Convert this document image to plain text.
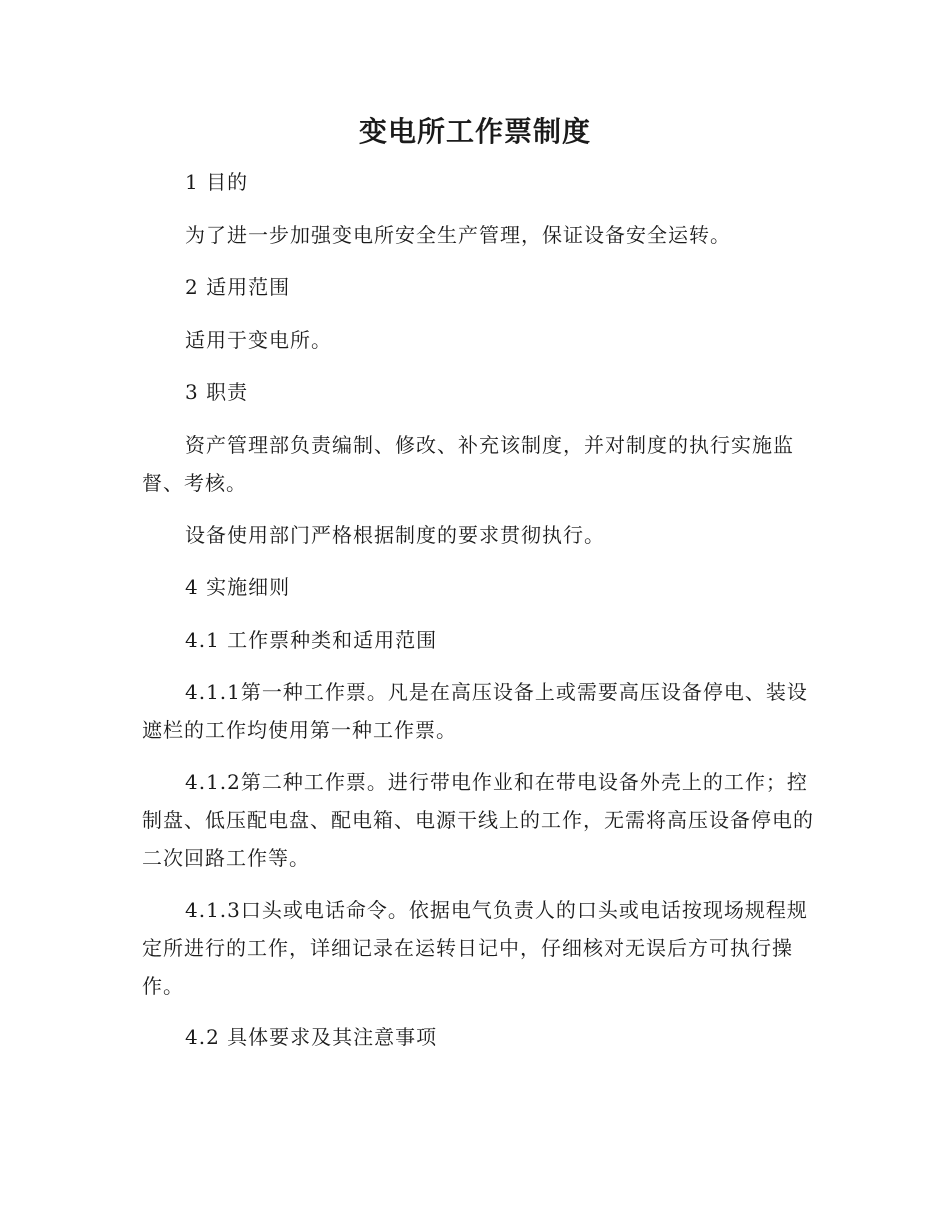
变电所工作票制度

1 目的

为了进一步加强变电所安全生产管理，保证设备安全运转。

2 适用范围

适用于变电所。

3 职责

资产管理部负责编制、修改、补充该制度，并对制度的执行实施监督、考核。

设备使用部门严格根据制度的要求贯彻执行。

4 实施细则

4.1 工作票种类和适用范围

4.1.1第一种工作票。凡是在高压设备上或需要高压设备停电、装设遮栏的工作均使用第一种工作票。

4.1.2第二种工作票。进行带电作业和在带电设备外壳上的工作；控制盘、低压配电盘、配电箱、电源干线上的工作，无需将高压设备停电的二次回路工作等。

4.1.3口头或电话命令。依据电气负责人的口头或电话按现场规程规定所进行的工作，详细记录在运转日记中，仔细核对无误后方可执行操作。

4.2 具体要求及其注意事项
